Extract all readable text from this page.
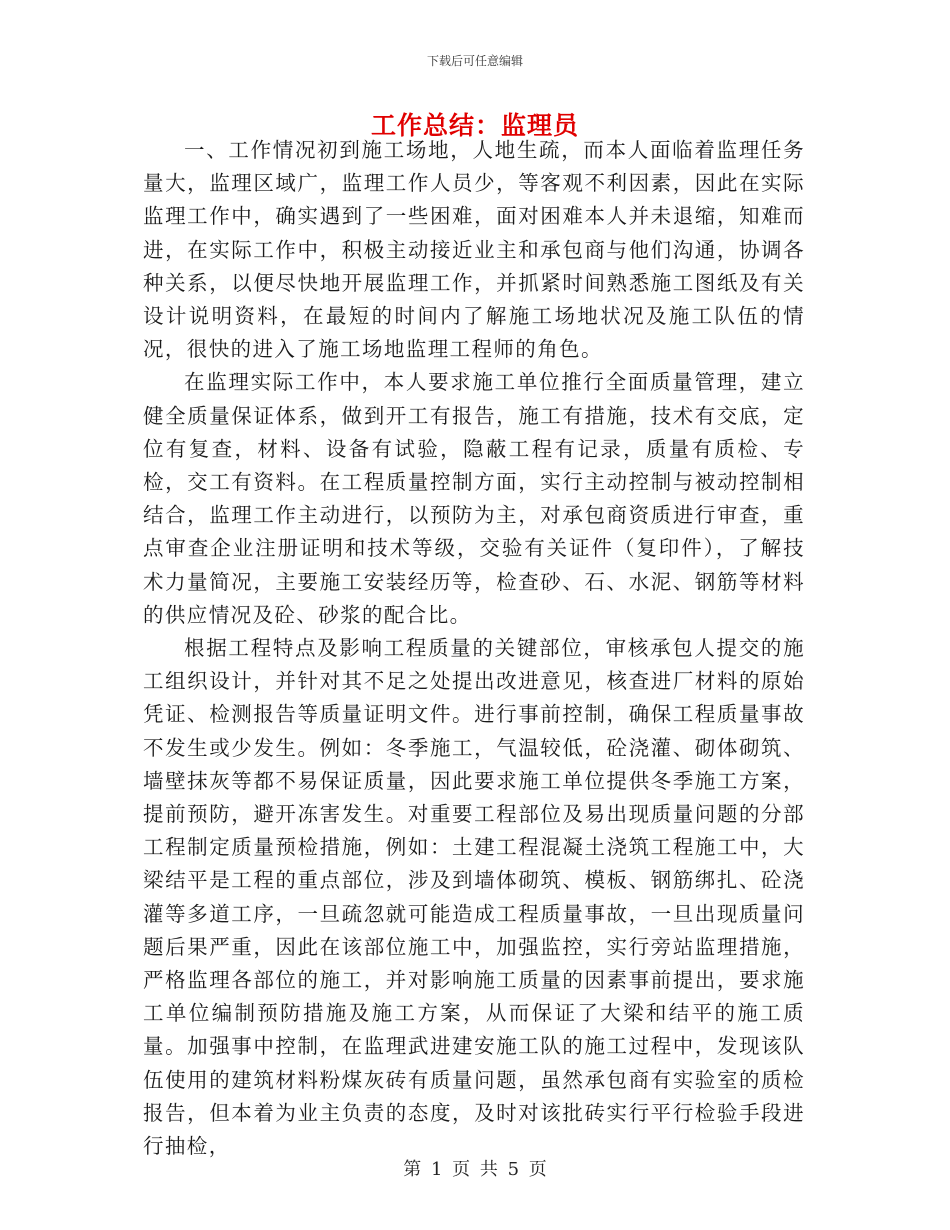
下载后可任意编辑
工作总结：监理员

一、工作情况初到施工场地，人地生疏，而本人面临着监理任务量大，监理区域广，监理工作人员少，等客观不利因素，因此在实际监理工作中，确实遇到了一些困难，面对困难本人并未退缩，知难而进，在实际工作中，积极主动接近业主和承包商与他们沟通，协调各种关系，以便尽快地开展监理工作，并抓紧时间熟悉施工图纸及有关设计说明资料，在最短的时间内了解施工场地状况及施工队伍的情况，很快的进入了施工场地监理工程师的角色。

在监理实际工作中，本人要求施工单位推行全面质量管理，建立健全质量保证体系，做到开工有报告，施工有措施，技术有交底，定位有复查，材料、设备有试验，隐蔽工程有记录，质量有质检、专检，交工有资料。在工程质量控制方面，实行主动控制与被动控制相结合，监理工作主动进行，以预防为主，对承包商资质进行审查，重点审查企业注册证明和技术等级，交验有关证件（复印件），了解技术力量简况，主要施工安装经历等，检查砂、石、水泥、钢筋等材料的供应情况及砼、砂浆的配合比。

根据工程特点及影响工程质量的关键部位，审核承包人提交的施工组织设计，并针对其不足之处提出改进意见，核查进厂材料的原始凭证、检测报告等质量证明文件。进行事前控制，确保工程质量事故不发生或少发生。例如：冬季施工，气温较低，砼浇灌、砌体砌筑、墙壁抹灰等都不易保证质量，因此要求施工单位提供冬季施工方案，提前预防，避开冻害发生。对重要工程部位及易出现质量问题的分部工程制定质量预检措施，例如：土建工程混凝土浇筑工程施工中，大梁结平是工程的重点部位，涉及到墙体砌筑、模板、钢筋绑扎、砼浇灌等多道工序，一旦疏忽就可能造成工程质量事故，一旦出现质量问题后果严重，因此在该部位施工中，加强监控，实行旁站监理措施，严格监理各部位的施工，并对影响施工质量的因素事前提出，要求施工单位编制预防措施及施工方案，从而保证了大梁和结平的施工质量。加强事中控制，在监理武进建安施工队的施工过程中，发现该队伍使用的建筑材料粉煤灰砖有质量问题，虽然承包商有实验室的质检报告，但本着为业主负责的态度，及时对该批砖实行平行检验手段进行抽检，

第 1 页 共 5 页
